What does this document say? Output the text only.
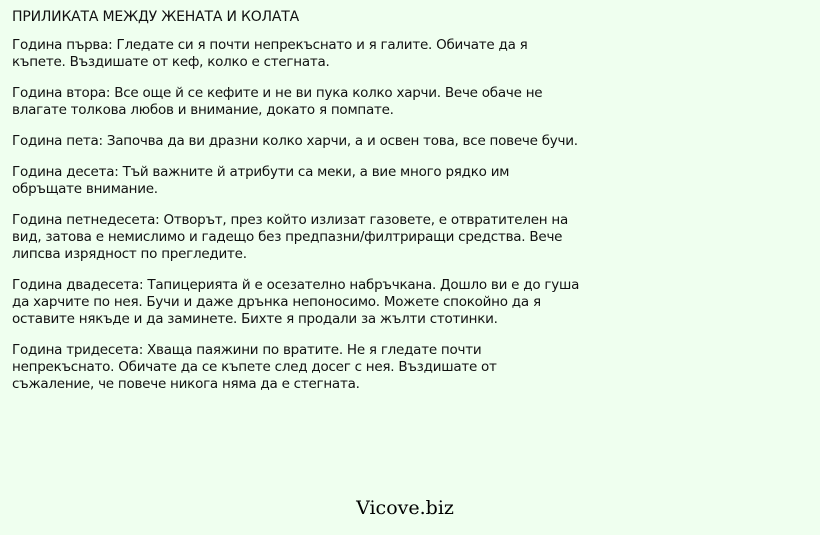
ПРИЛИКАТА МЕЖДУ ЖЕНАТА И КОЛАТА

Година първа: Гледате си я почти непрекъснато и я галите. Обичате да я къпете. Въздишате от кеф, колко е стегната.

Година втора: Все още й се кефите и не ви пука колко харчи. Вече обаче не влагате толкова любов и внимание, докато я помпате.

Година пета: Започва да ви дразни колко харчи, а и освен това, все повече бучи.

Година десета: Тъй важните й атрибути са меки, а вие много рядко им обръщате внимание.

Година петнедесета: Отворът, през който излизат газовете, е отвратителен на вид, затова е немислимо и гадещо без предпазни/филтриращи средства. Вече липсва изрядност по прегледите.

Година двадесета: Тапицерията й е осезателно набръчкана. Дошло ви е до гуша да харчите по нея. Бучи и даже дрънка непоносимо. Можете спокойно да я оставите някъде и да заминете. Бихте я продали за жълти стотинки.

Година тридесета: Хваща паяжини по вратите. Не я гледате почти непрекъснато. Обичате да се къпете след досег с нея. Въздишате от съжаление, че повече никога няма да е стегната.

Vicove.biz
